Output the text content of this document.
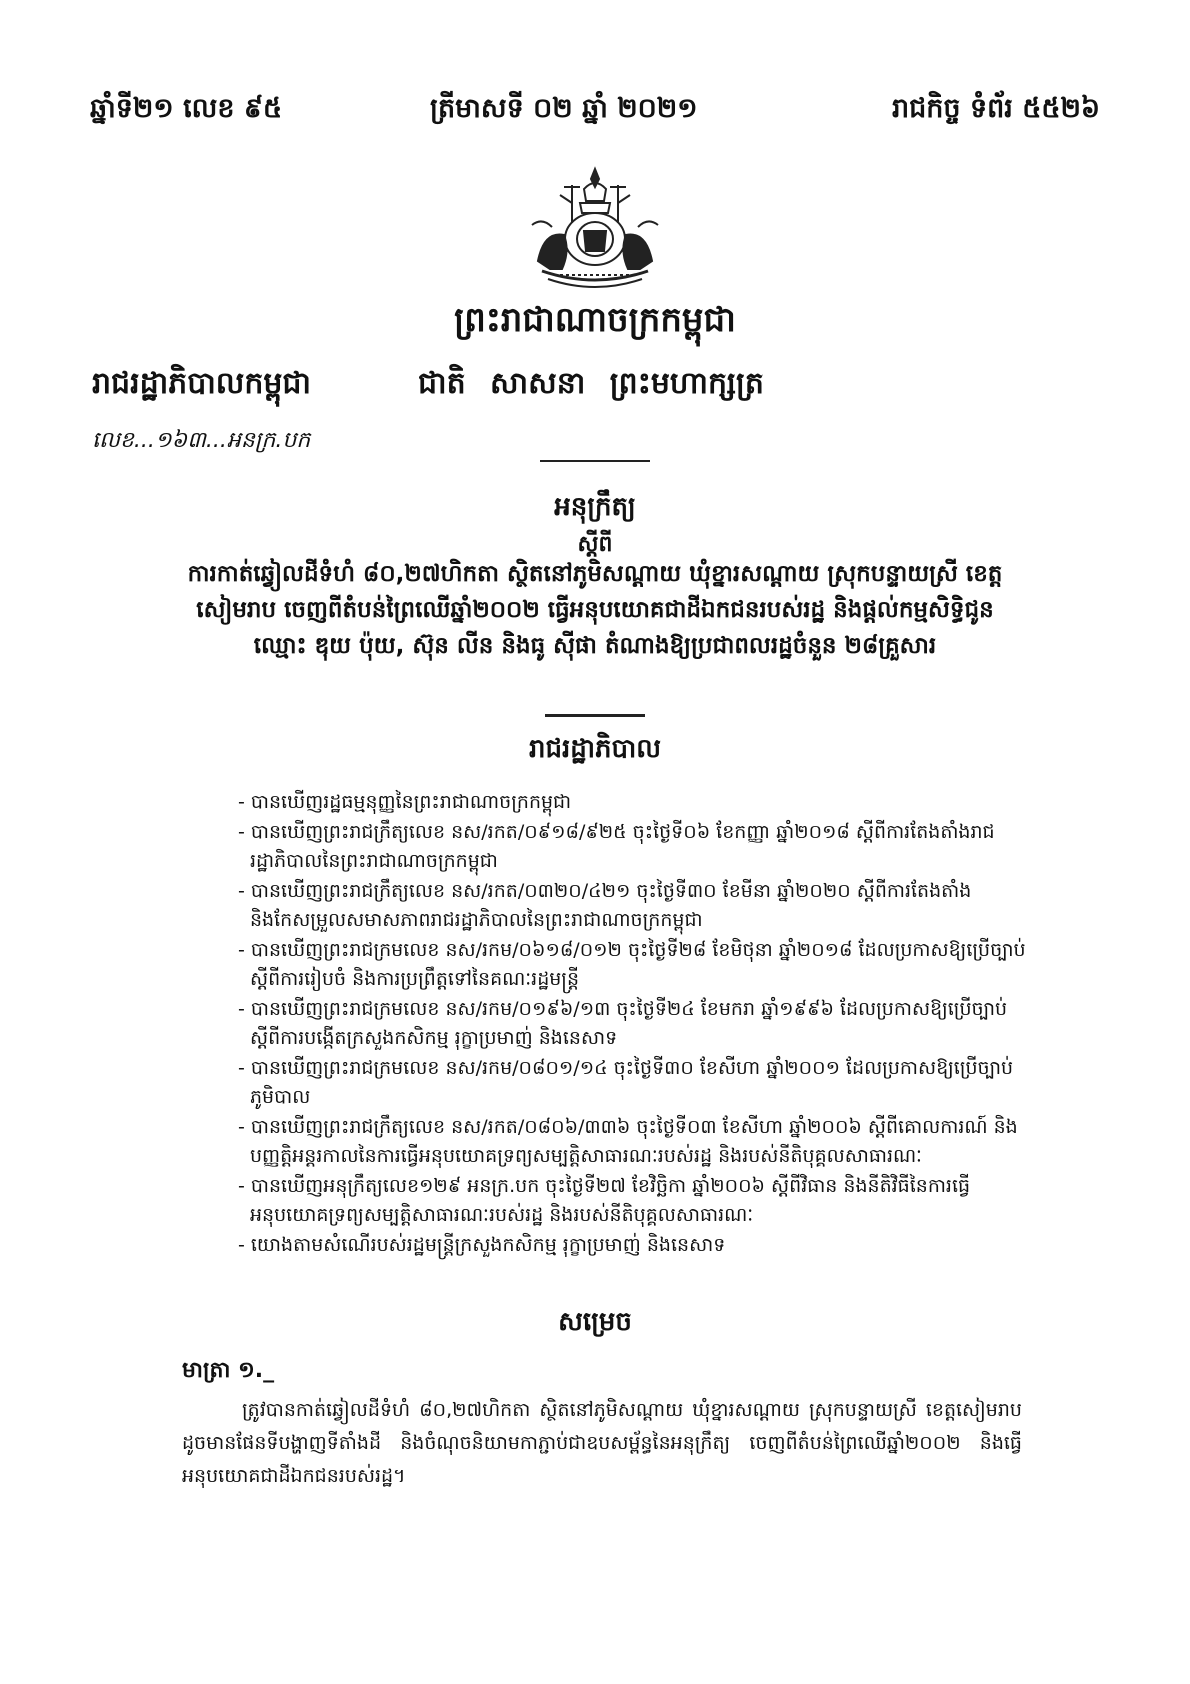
ឆ្នាំទី២១ លេខ ៩៥	ត្រីមាសទី ០២ ឆ្នាំ ២០២១	រាជកិច្ច ទំព័រ ៥៥២៦
ព្រះរាជាណាចក្រកម្ពុជា
រាជរដ្ឋាភិបាលកម្ពុជា
លេខ...១៦៣...អនក្រ.បក
ជាតិ សាសនា ព្រះមហាក្សត្រ
អនុក្រឹត្យ
ស្ដីពី
ការកាត់ឆ្វៀលដីទំហំ ៨០,២៧ហិកតា ស្ថិតនៅភូមិសណ្ដាយ ឃុំខ្នារសណ្ដាយ ស្រុកបន្ទាយស្រី ខេត្តសៀមរាប ចេញពីតំបន់ព្រៃឈើឆ្នាំ២០០២ ធ្វើអនុបយោគជាដីឯកជនរបស់រដ្ឋ និងផ្ដល់កម្មសិទ្ធិជូនឈ្មោះ ឌុយ ប៉ុយ, ស៊ុន លីន និងធូ ស៊ីផា តំណាងឱ្យប្រជាពលរដ្ឋចំនួន ២៨គ្រួសារ
រាជរដ្ឋាភិបាល
- បានឃើញរដ្ឋធម្មនុញ្ញនៃព្រះរាជាណាចក្រកម្ពុជា
- បានឃើញព្រះរាជក្រឹត្យលេខ នស/រកត/០៩១៨/៩២៥ ចុះថ្ងៃទី០៦ ខែកញ្ញា ឆ្នាំ២០១៨ ស្ដីពីការតែងតាំងរាជរដ្ឋាភិបាលនៃព្រះរាជាណាចក្រកម្ពុជា
- បានឃើញព្រះរាជក្រឹត្យលេខ នស/រកត/០៣២០/៤២១ ចុះថ្ងៃទី៣០ ខែមីនា ឆ្នាំ២០២០ ស្ដីពីការតែងតាំង និងកែសម្រួលសមាសភាពរាជរដ្ឋាភិបាលនៃព្រះរាជាណាចក្រកម្ពុជា
- បានឃើញព្រះរាជក្រមលេខ នស/រកម/០៦១៨/០១២ ចុះថ្ងៃទី២៨ ខែមិថុនា ឆ្នាំ២០១៨ ដែលប្រកាសឱ្យប្រើច្បាប់ស្ដីពីការរៀបចំ និងការប្រព្រឹត្តទៅនៃគណៈរដ្ឋមន្ត្រី
- បានឃើញព្រះរាជក្រមលេខ នស/រកម/០១៩៦/១៣ ចុះថ្ងៃទី២៤ ខែមករា ឆ្នាំ១៩៩៦ ដែលប្រកាសឱ្យប្រើច្បាប់ស្ដីពីការបង្កើតក្រសួងកសិកម្ម រុក្ខាប្រមាញ់ និងនេសាទ
- បានឃើញព្រះរាជក្រមលេខ នស/រកម/០៨០១/១៤ ចុះថ្ងៃទី៣០ ខែសីហា ឆ្នាំ២០០១ ដែលប្រកាសឱ្យប្រើច្បាប់ភូមិបាល
- បានឃើញព្រះរាជក្រឹត្យលេខ នស/រកត/០៨០៦/៣៣៦ ចុះថ្ងៃទី០៣ ខែសីហា ឆ្នាំ២០០៦ ស្ដីពីគោលការណ៍ និងបញ្ញត្តិអន្តរកាលនៃការធ្វើអនុបយោគទ្រព្យសម្បត្តិសាធារណៈរបស់រដ្ឋ និងរបស់នីតិបុគ្គលសាធារណៈ
- បានឃើញអនុក្រឹត្យលេខ១២៩ អនក្រ.បក ចុះថ្ងៃទី២៧ ខែវិច្ឆិកា ឆ្នាំ២០០៦ ស្ដីពីវិធាន និងនីតិវិធីនៃការធ្វើអនុបយោគទ្រព្យសម្បត្តិសាធារណៈរបស់រដ្ឋ និងរបស់នីតិបុគ្គលសាធារណៈ
- យោងតាមសំណើរបស់រដ្ឋមន្ត្រីក្រសួងកសិកម្ម រុក្ខាប្រមាញ់ និងនេសាទ
សម្រេច
មាត្រា ១._

ត្រូវបានកាត់ឆ្វៀលដីទំហំ ៨០,២៧ហិកតា ស្ថិតនៅភូមិសណ្ដាយ ឃុំខ្នារសណ្ដាយ ស្រុកបន្ទាយស្រី ខេត្តសៀមរាប ដូចមានផែនទីបង្ហាញទីតាំងដី និងចំណុចនិយាមកាភ្ជាប់ជាឧបសម្ព័ន្ធនៃអនុក្រឹត្យ ចេញពីតំបន់ព្រៃឈើឆ្នាំ២០០២ និងធ្វើអនុបយោគជាដីឯកជនរបស់រដ្ឋ។
